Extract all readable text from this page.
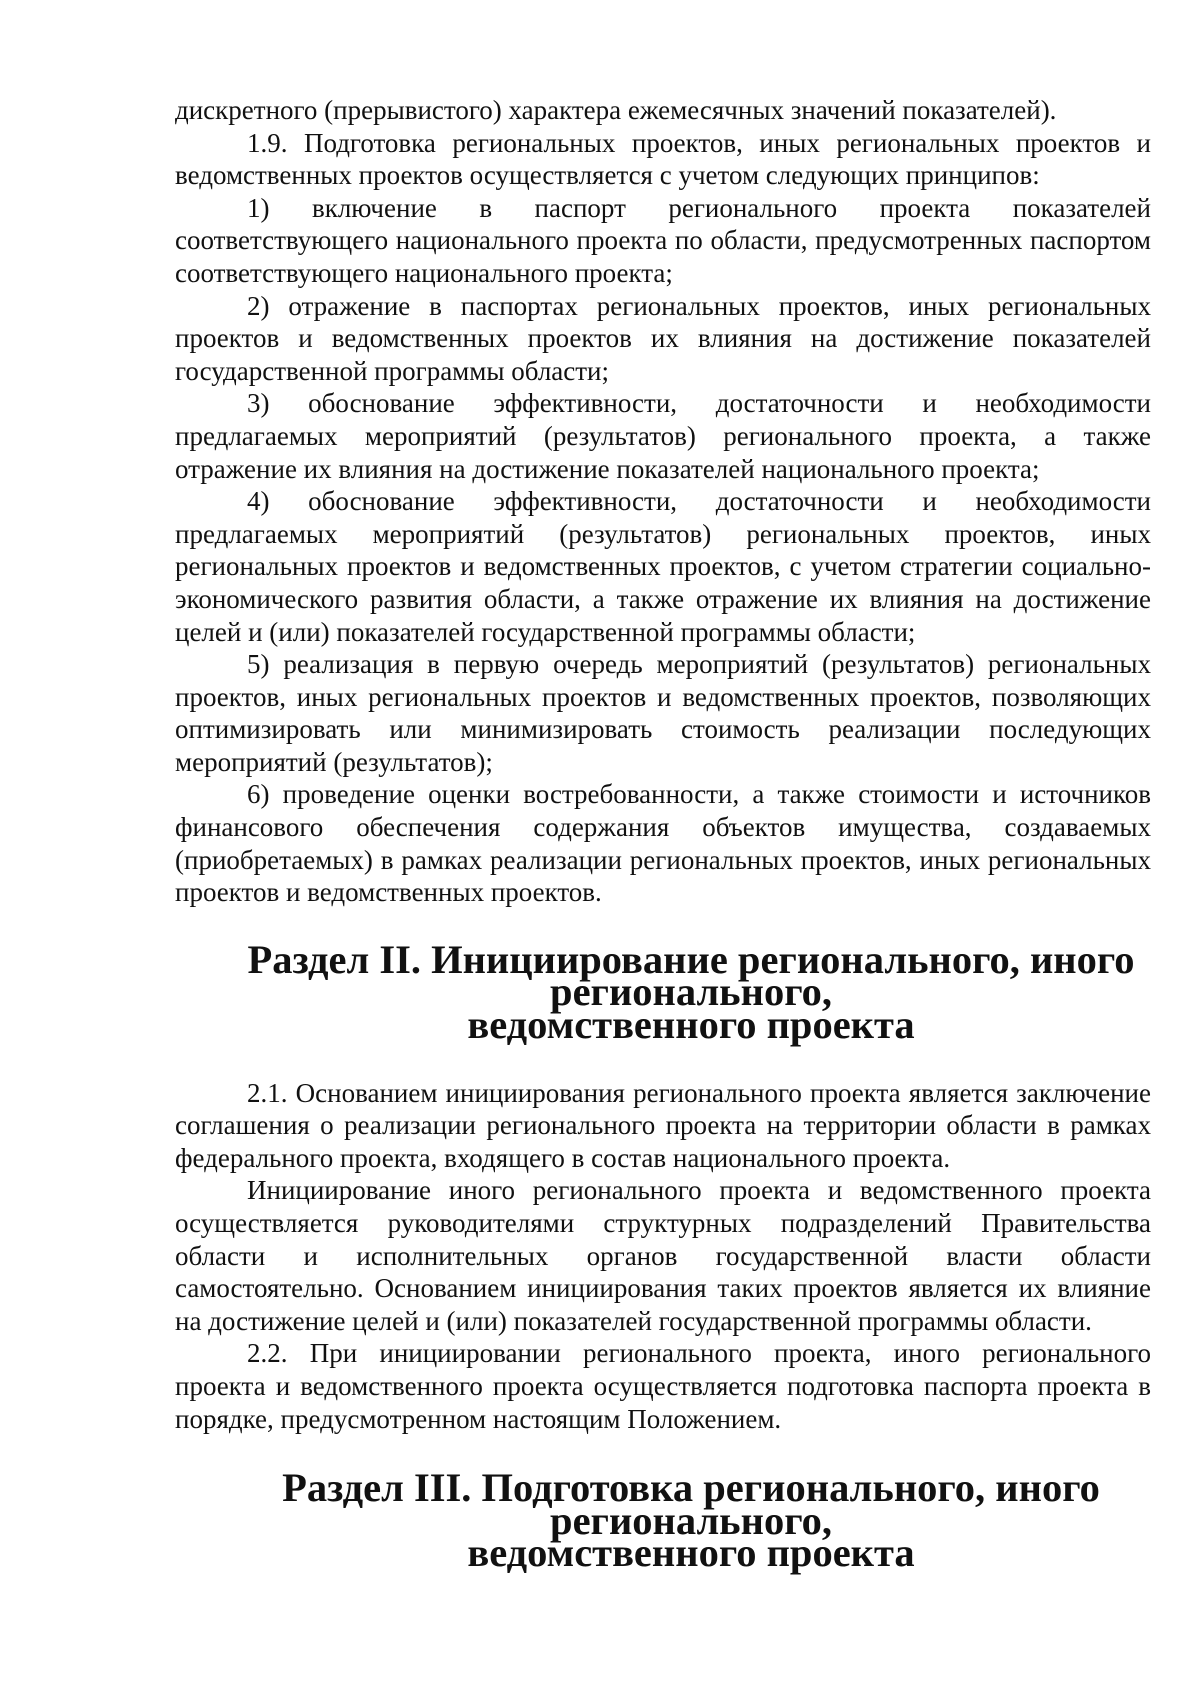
дискретного (прерывистого) характера ежемесячных значений показателей).

1.9. Подготовка региональных проектов, иных региональных проектов и ведомственных проектов осуществляется с учетом следующих принципов:

1) включение в паспорт регионального проекта показателей соответствующего национального проекта по области, предусмотренных паспортом соответствующего национального проекта;

2) отражение в паспортах региональных проектов, иных региональных проектов и ведомственных проектов их влияния на достижение показателей государственной программы области;

3) обоснование эффективности, достаточности и необходимости предлагаемых мероприятий (результатов) регионального проекта, а также отражение их влияния на достижение показателей национального проекта;

4) обоснование эффективности, достаточности и необходимости предлагаемых мероприятий (результатов) региональных проектов, иных региональных проектов и ведомственных проектов, с учетом стратегии социально-экономического развития области, а также отражение их влияния на достижение целей и (или) показателей государственной программы области;

5) реализация в первую очередь мероприятий (результатов) региональных проектов, иных региональных проектов и ведомственных проектов, позволяющих оптимизировать или минимизировать стоимость реализации последующих мероприятий (результатов);

6) проведение оценки востребованности, а также стоимости и источников финансового обеспечения содержания объектов имущества, создаваемых (приобретаемых) в рамках реализации региональных проектов, иных региональных проектов и ведомственных проектов.

Раздел II. Инициирование регионального, иного регионального,
ведомственного проекта

2.1. Основанием инициирования регионального проекта является заключение соглашения о реализации регионального проекта на территории области в рамках федерального проекта, входящего в состав национального проекта.

Инициирование иного регионального проекта и ведомственного проекта осуществляется руководителями структурных подразделений Правительства области и исполнительных органов государственной власти области самостоятельно. Основанием инициирования таких проектов является их влияние на достижение целей и (или) показателей государственной программы области.

2.2. При инициировании регионального проекта, иного регионального проекта и ведомственного проекта осуществляется подготовка паспорта проекта в порядке, предусмотренном настоящим Положением.

Раздел III. Подготовка регионального, иного регионального,
ведомственного проекта
